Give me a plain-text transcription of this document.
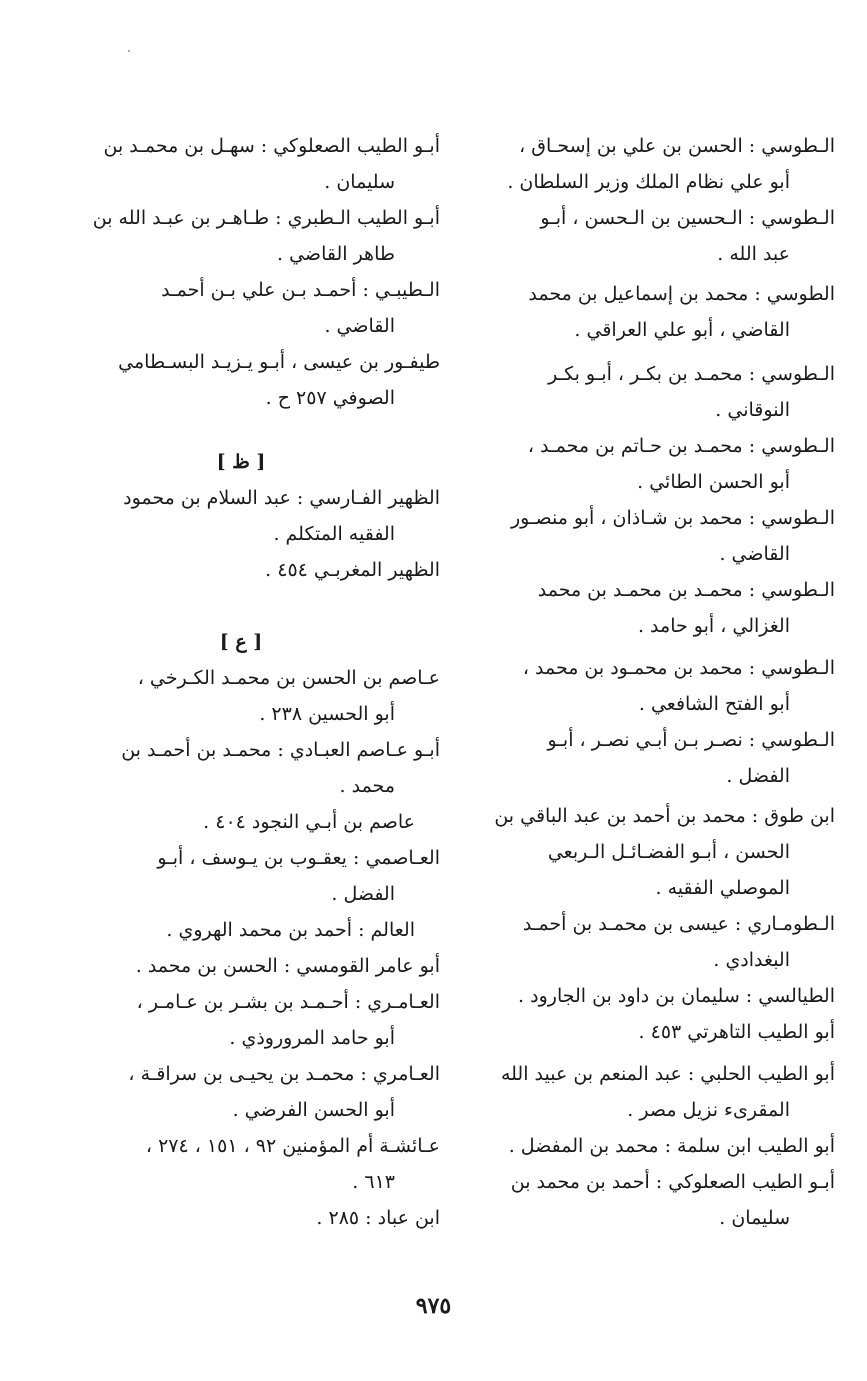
الـطوسي : الحسن بن علي بن إسحـاق ،
أبو علي نظام الملك وزير السلطان .
الـطوسي : الـحسين بن الـحسن ، أبـو
عبد الله .
الطوسي : محمد بن إسماعيل بن محمد
القاضي ، أبو علي العراقي .
الـطوسي : محمـد بن بكـر ، أبـو بكـر
النوقاني .
الـطوسي : محمـد بن حـاتم بن محمـد ،
أبو الحسن الطائي .
الـطوسي : محمد بن شـاذان ، أبو منصـور
القاضي .
الـطوسي : محمـد بن محمـد بن محمد
الغزالي ، أبو حامد .
الـطوسي : محمد بن محمـود بن محمد ،
أبو الفتح الشافعي .
الـطوسي : نصـر بـن أبـي نصـر ، أبـو
الفضل .
ابن طوق : محمد بن أحمد بن عبد الباقي بن
الحسن ، أبـو الفضـائـل الـربعي
الموصلي الفقيه .
الـطومـاري : عيسى بن محمـد بن أحمـد
البغدادي .
الطيالسي : سليمان بن داود بن الجارود .
أبو الطيب التاهرتي ٤٥٣ .
أبو الطيب الحلبي : عبد المنعم بن عبيد الله
المقرىء نزيل مصر .
أبو الطيب ابن سلمة : محمد بن المفضل .
أبـو الطيب الصعلوكي : أحمد بن محمد بن
سليمان .
أبـو الطيب الصعلوكي : سهـل بن محمـد بن
سليمان .
أبـو الطيب الـطبري : طـاهـر بن عبـد الله بن
طاهر القاضي .
الـطيبـي : أحمـد بـن علي بـن أحمـد
القاضي .
طيفـور بن عيسى ، أبـو يـزيـد البسـطامي
الصوفي ٢٥٧ ح .
[ ظ ]
الظهير الفـارسي : عبد السلام بن محمود
الفقيه المتكلم .
الظهير المغربـي ٤٥٤ .
[ ع ]
عـاصم بن الحسن بن محمـد الكـرخي ،
أبو الحسين ٢٣٨ .
أبـو عـاصم العبـادي : محمـد بن أحمـد بن
محمد .
عاصم بن أبـي النجود ٤٠٤ .
العـاصمي : يعقـوب بن يـوسف ، أبـو
الفضل .
العالم : أحمد بن محمد الهروي .
أبو عامر القومسي : الحسن بن محمد .
العـامـري : أحـمـد بن بشـر بن عـامـر ،
أبو حامد المروروذي .
العـامري : محمـد بن يحيـى بن سراقـة ،
أبو الحسن الفرضي .
عـائشـة أم المؤمنين ٩٢ ، ١٥١ ، ٢٧٤ ،
٦١٣ .
ابن عباد : ٢٨٥ .
٩٧٥
